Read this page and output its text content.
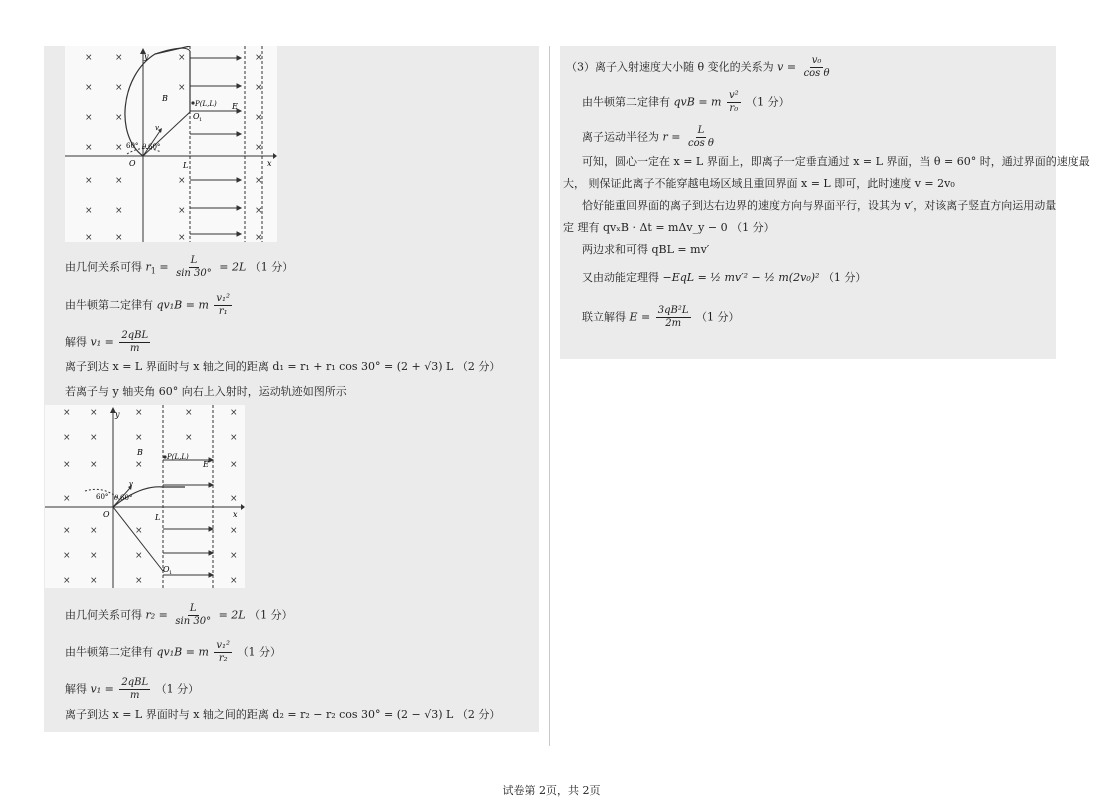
× ×	×	×
× ×	×	×
× ×	×
× ×	×
× ×	×	×
× ×	×	×
× ×	×	×
y
x
O
B
E
L
P(L,L)
O 1
60° θ 60°
v
由几何关系可得 $r_1 = \frac{L}{\sin 30^\circ} = 2L$ （1 分）
由牛顿第二定律有 qv₁B = m $\frac{\text{v₁²}}{\text{r₁}}$
解得 $v_1 = \frac{\text{2qBL}}{m}$
离子到达 x = L 界面时与 x 轴之间的距离 d₁ = r₁ + r₁ cos 30° = (2 + √3) L （2 分）
若离子与 y 轴夹角 60° 向右上入射时，运动轨迹如图所示
× ×	×	×	×
× ×	×	×	×
× ×	×	×
×	×
× ×	×	×
× ×	×	×
× ×	×	×
y
x
O
B
E
L
P(L,L)
O 1
60° θ 60°
v
由几何关系可得 $r_2 = \frac{L}{\sin 30^\circ} = 2L$ （1 分）
由牛顿第二定律有 qv₁B = m $\frac{\text{v₁²}}{\text{r₂}} (1$ 分）
解得 $v_1 = \frac{\text{2qBL}}{m} (1$ 分）
离子到达 x = L 界面时与 x 轴之间的距离 d₂ = r₂ − r₂ cos 30° = (2 − √3) L （2 分）
（3）离子入射速度大小随 θ 变化的关系为 $v = \frac{\text{v₀}}{\text{cos θ}}$
由牛顿第二定律有 qvB = m $\frac{\text{v²}}{\text{r₀}} (1$ 分）
离子运动半径为 $r = \frac{L}{\text{cos θ}}$
可知，圆心一定在 x = L 界面上，即离子一定垂直通过 x = L 界面，当 θ = 60° 时，通过界面的速度最
大， 则保证此离子不能穿越电场区域且重回界面 x = L 即可，此时速度 v = 2v₀
恰好能重回界面的离子到达右边界的速度方向与界面平行，设其为 v′，对该离子竖直方向运用动量
定 理有 qvₓB · Δt = mΔv_y − 0 （1 分）
两边求和可得 qBL = mv′
又由动能定理得 −EqL = ½ mv′² − ½ m(2v₀)² （1 分）
联立解得 $E = \frac{\text{3qB²L}}{2m} (1$ 分）
试卷第 2页，共 2页
